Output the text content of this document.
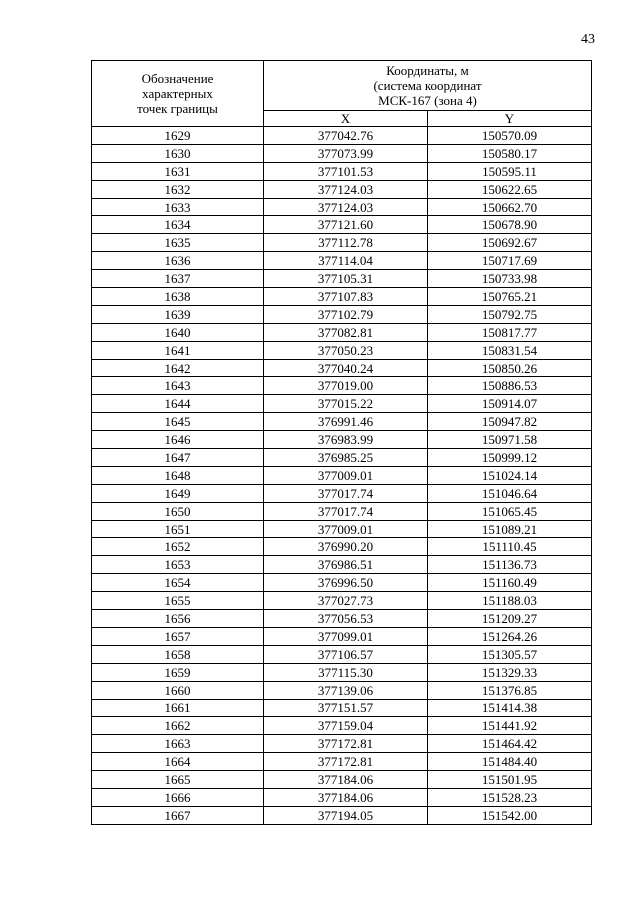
43
Обозначение
характерных
точек границы	Координаты, м
(система координат
МСК-167 (зона 4)	
	X	Y
1629	377042.76	150570.09
1630	377073.99	150580.17
1631	377101.53	150595.11
1632	377124.03	150622.65
1633	377124.03	150662.70
1634	377121.60	150678.90
1635	377112.78	150692.67
1636	377114.04	150717.69
1637	377105.31	150733.98
1638	377107.83	150765.21
1639	377102.79	150792.75
1640	377082.81	150817.77
1641	377050.23	150831.54
1642	377040.24	150850.26
1643	377019.00	150886.53
1644	377015.22	150914.07
1645	376991.46	150947.82
1646	376983.99	150971.58
1647	376985.25	150999.12
1648	377009.01	151024.14
1649	377017.74	151046.64
1650	377017.74	151065.45
1651	377009.01	151089.21
1652	376990.20	151110.45
1653	376986.51	151136.73
1654	376996.50	151160.49
1655	377027.73	151188.03
1656	377056.53	151209.27
1657	377099.01	151264.26
1658	377106.57	151305.57
1659	377115.30	151329.33
1660	377139.06	151376.85
1661	377151.57	151414.38
1662	377159.04	151441.92
1663	377172.81	151464.42
1664	377172.81	151484.40
1665	377184.06	151501.95
1666	377184.06	151528.23
1667	377194.05	151542.00
